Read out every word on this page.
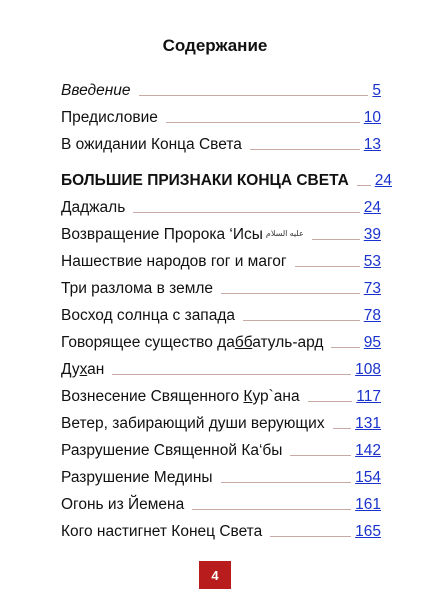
Содержание
Введение	5
Предисловие	10
В ожидании Конца Света	13
БОЛЬШИЕ ПРИЗНАКИ КОНЦА СВЕТА 24
Даджаль	24
Возвращение Пророка ‘Исы عليه السلام	39
Нашествие народов гог и магог	53
Три разлома в земле	73
Восход солнца с запада	78
Говорящее существо даббатуль-ард	95
Духан	108
Вознесение Священного Кур`ана	117
Ветер, забирающий души верующих 131
Разрушение Священной Ка‘бы	142
Разрушение Медины	154
Огонь из Йемена	161
Кого настигнет Конец Света	165
4
